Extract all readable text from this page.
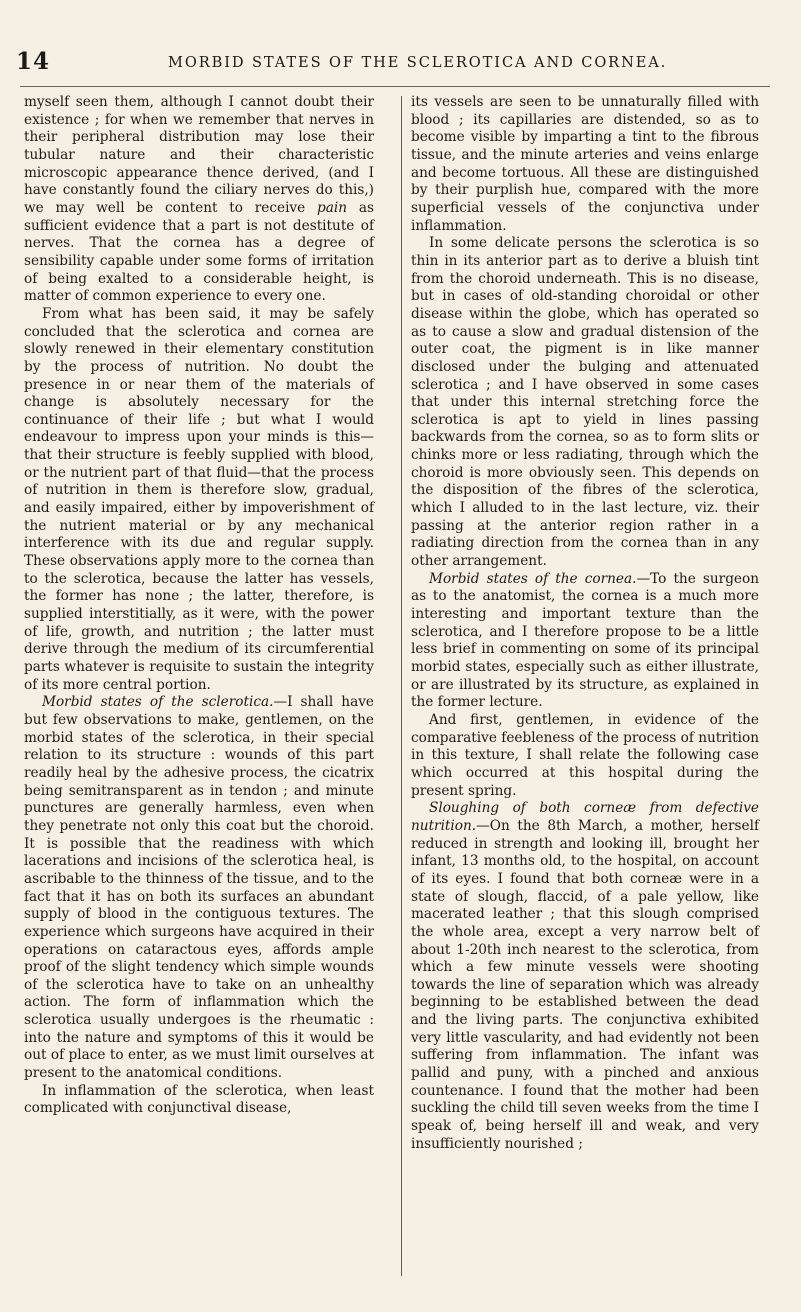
14	MORBID STATES OF THE SCLEROTICA AND CORNEA.

myself seen them, although I cannot doubt their existence ; for when we remember that nerves in their peripheral distribution may lose their tubular nature and their characteristic microscopic appearance thence derived, (and I have constantly found the ciliary nerves do this,) we may well be content to receive pain as sufficient evidence that a part is not destitute of nerves. That the cornea has a degree of sensibility capable under some forms of irritation of being exalted to a considerable height, is matter of common experience to every one.

From what has been said, it may be safely concluded that the sclerotica and cornea are slowly renewed in their elementary constitution by the process of nutrition. No doubt the presence in or near them of the materials of change is absolutely necessary for the continuance of their life ; but what I would endeavour to impress upon your minds is this—that their structure is feebly supplied with blood, or the nutrient part of that fluid—that the process of nutrition in them is therefore slow, gradual, and easily impaired, either by impoverishment of the nutrient material or by any mechanical interference with its due and regular supply. These observations apply more to the cornea than to the sclerotica, because the latter has vessels, the former has none ; the latter, therefore, is supplied interstitially, as it were, with the power of life, growth, and nutrition ; the latter must derive through the medium of its circumferential parts whatever is requisite to sustain the integrity of its more central portion.

Morbid states of the sclerotica.—I shall have but few observations to make, gentlemen, on the morbid states of the sclerotica, in their special relation to its structure : wounds of this part readily heal by the adhesive process, the cicatrix being semitransparent as in tendon ; and minute punctures are generally harmless, even when they penetrate not only this coat but the choroid. It is possible that the readiness with which lacerations and incisions of the sclerotica heal, is ascribable to the thinness of the tissue, and to the fact that it has on both its surfaces an abundant supply of blood in the contiguous textures. The experience which surgeons have acquired in their operations on cataractous eyes, affords ample proof of the slight tendency which simple wounds of the sclerotica have to take on an unhealthy action. The form of inflammation which the sclerotica usually undergoes is the rheumatic : into the nature and symptoms of this it would be out of place to enter, as we must limit ourselves at present to the anatomical conditions.

In inflammation of the sclerotica, when least complicated with conjunctival disease,

its vessels are seen to be unnaturally filled with blood ; its capillaries are distended, so as to become visible by imparting a tint to the fibrous tissue, and the minute arteries and veins enlarge and become tortuous. All these are distinguished by their purplish hue, compared with the more superficial vessels of the conjunctiva under inflammation.

In some delicate persons the sclerotica is so thin in its anterior part as to derive a bluish tint from the choroid underneath. This is no disease, but in cases of old-standing choroidal or other disease within the globe, which has operated so as to cause a slow and gradual distension of the outer coat, the pigment is in like manner disclosed under the bulging and attenuated sclerotica ; and I have observed in some cases that under this internal stretching force the sclerotica is apt to yield in lines passing backwards from the cornea, so as to form slits or chinks more or less radiating, through which the choroid is more obviously seen. This depends on the disposition of the fibres of the sclerotica, which I alluded to in the last lecture, viz. their passing at the anterior region rather in a radiating direction from the cornea than in any other arrangement.

Morbid states of the cornea.—To the surgeon as to the anatomist, the cornea is a much more interesting and important texture than the sclerotica, and I therefore propose to be a little less brief in commenting on some of its principal morbid states, especially such as either illustrate, or are illustrated by its structure, as explained in the former lecture.

And first, gentlemen, in evidence of the comparative feebleness of the process of nutrition in this texture, I shall relate the following case which occurred at this hospital during the present spring.

Sloughing of both corneæ from defective nutrition.—On the 8th March, a mother, herself reduced in strength and looking ill, brought her infant, 13 months old, to the hospital, on account of its eyes. I found that both corneæ were in a state of slough, flaccid, of a pale yellow, like macerated leather ; that this slough comprised the whole area, except a very narrow belt of about 1-20th inch nearest to the sclerotica, from which a few minute vessels were shooting towards the line of separation which was already beginning to be established between the dead and the living parts. The conjunctiva exhibited very little vascularity, and had evidently not been suffering from inflammation. The infant was pallid and puny, with a pinched and anxious countenance. I found that the mother had been suckling the child till seven weeks from the time I speak of, being herself ill and weak, and very insufficiently nourished ;
